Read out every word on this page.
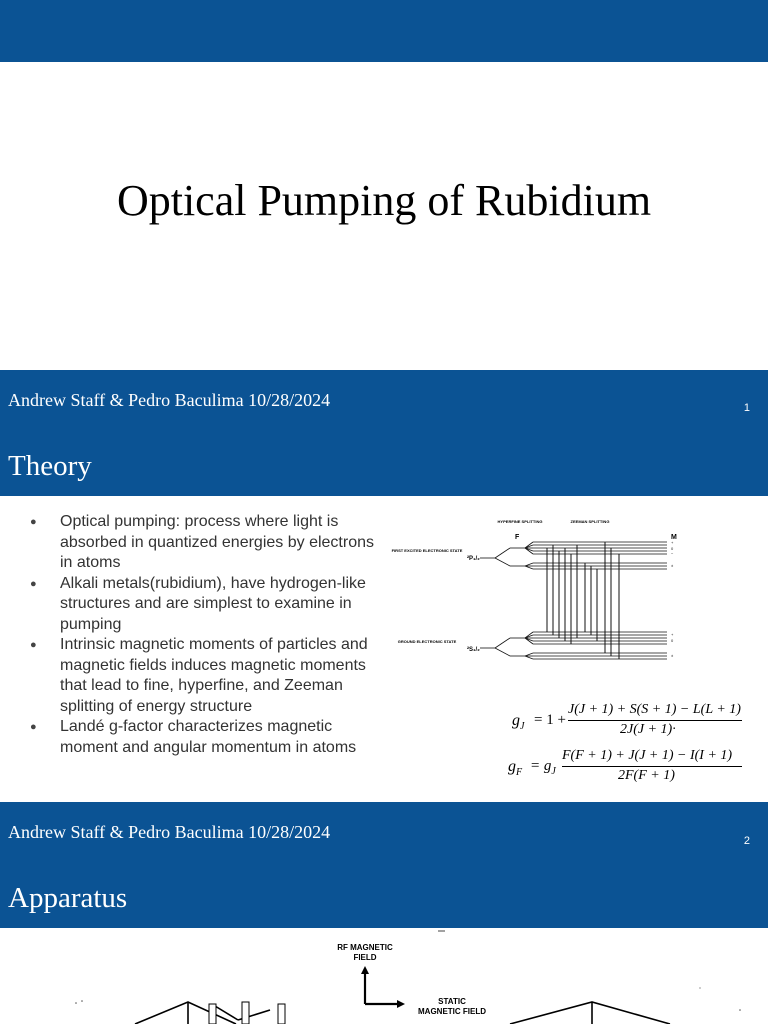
Optical Pumping of Rubidium
Andrew Staff & Pedro Baculima 10/28/2024	1
Theory
● Optical pumping: process where light is absorbed in quantized energies by electrons in atoms
● Alkali metals(rubidium), have hydrogen-like structures and are simplest to examine in pumping
● Intrinsic magnetic moments of particles and magnetic fields induces magnetic moments that lead to fine, hyperfine, and Zeeman splitting of energy structure
● Landé g-factor characterizes magnetic moment and angular momentum in atoms
HYPERFINE SPLITTING	ZEEMAN SPLITTING
F	M
FIRST EXCITED ELECTRONIC STATE
²P₁/₂
GROUND ELECTRONIC STATE
²S₁/₂
+
0
−
±
+
0
±
$g_J = 1$ +
J(J + 1) + S(S + 1) − L(L + 1)
2J(J + 1)·
$g_F = g_J$
F(F + 1) + J(J + 1) − I(I + 1)
2F(F + 1)
Andrew Staff & Pedro Baculima 10/28/2024	2
Apparatus
RF MAGNETIC
FIELD
STATIC
MAGNETIC FIELD
